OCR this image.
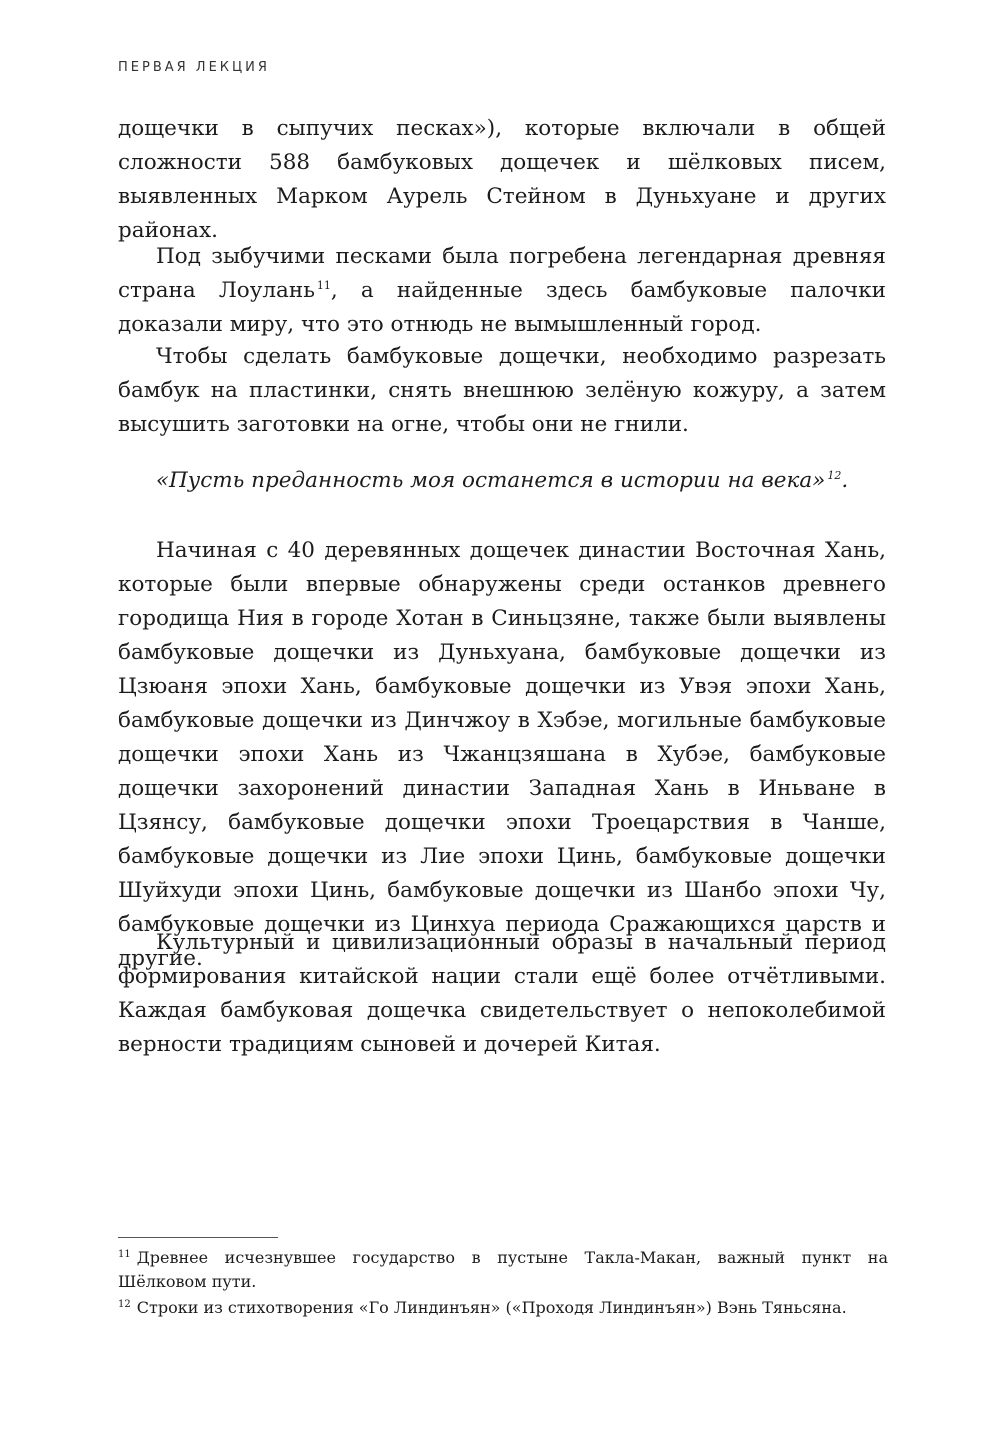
ПЕРВАЯ ЛЕКЦИЯ

дощечки в сыпучих песках»), которые включали в общей сложности 588 бамбуковых дощечек и шёлковых писем, выявленных Марком Аурель Стейном в Дуньхуане и других районах.

Под зыбучими песками была погребена легендарная древняя страна Лоулань $^{11}$, а найденные здесь бамбуковые палочки доказали миру, что это отнюдь не вымышленный город.

Чтобы сделать бамбуковые дощечки, необходимо разрезать бамбук на пластинки, снять внешнюю зелёную кожуру, а затем высушить заготовки на огне, чтобы они не гнили.

«Пусть преданность моя останется в истории на века» $^{12}$.

Начиная с 40 деревянных дощечек династии Восточная Хань, которые были впервые обнаружены среди останков древнего городища Ния в городе Хотан в Синьцзяне, также были выявлены бамбуковые дощечки из Дуньхуана, бамбуковые дощечки из Цзюаня эпохи Хань, бамбуковые дощечки из Увэя эпохи Хань, бамбуковые дощечки из Динчжоу в Хэбэе, могильные бамбуковые дощечки эпохи Хань из Чжанцзяшана в Хубэе, бамбуковые дощечки захоронений династии Западная Хань в Иньване в Цзянсу, бамбуковые дощечки эпохи Троецарствия в Чанше, бамбуковые дощечки из Лие эпохи Цинь, бамбуковые дощечки Шуйхуди эпохи Цинь, бамбуковые дощечки из Шанбо эпохи Чу, бамбуковые дощечки из Цинхуа периода Сражающихся царств и другие.

Культурный и цивилизационный образы в начальный период формирования китайской нации стали ещё более отчётливыми. Каждая бамбуковая дощечка свидетельствует о непоколебимой верности традициям сыновей и дочерей Китая.

$^{11}$ Древнее исчезнувшее государство в пустыне Такла-Макан, важный пункт на Шёлковом пути.

$^{12}$ Строки из стихотворения «Го Линдинъян» («Проходя Линдинъян») Вэнь Тяньсяна.
